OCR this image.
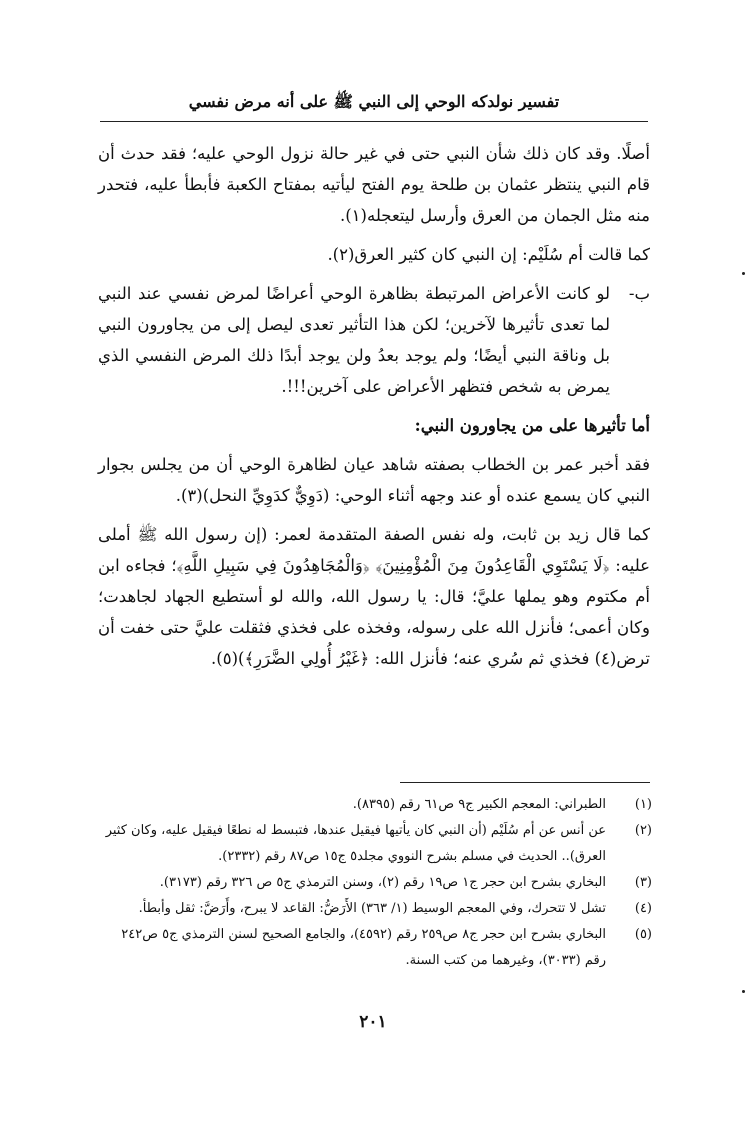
تفسير نولدكه الوحي إلى النبي ﷺ على أنه مرض نفسي

أصلًا. وقد كان ذلك شأن النبي حتى في غير حالة نزول الوحي عليه؛ فقد حدث أن قام النبي ينتظر عثمان بن طلحة يوم الفتح ليأتيه بمفتاح الكعبة فأبطأ عليه، فتحدر منه مثل الجمان من العرق وأرسل ليتعجله(١).

كما قالت أم سُلَيْم: إن النبي كان كثير العرق(٢).

ب-
لو كانت الأعراض المرتبطة بظاهرة الوحي أعراضًا لمرض نفسي عند النبي لما تعدى تأثيرها لآخرين؛ لكن هذا التأثير تعدى ليصل إلى من يجاورون النبي بل وناقة النبي أيضًا؛ ولم يوجد بعدُ ولن يوجد أبدًا ذلك المرض النفسي الذي يمرض به شخص فتظهر الأعراض على آخرين!!!.

أما تأثيرها على من يجاورون النبي:

فقد أخبر عمر بن الخطاب بصفته شاهد عيان لظاهرة الوحي أن من يجلس بجوار النبي كان يسمع عنده أو عند وجهه أثناء الوحي: (دَوِيٌّ كدَوِيِّ النحل)(٣).

كما قال زيد بن ثابت، وله نفس الصفة المتقدمة لعمر: (إن رسول الله ﷺ أملى عليه: ﴿لَا يَسْتَوِي الْقَاعِدُونَ مِنَ الْمُؤْمِنِينَ﴾ ﴿وَالْمُجَاهِدُونَ فِي سَبِيلِ اللَّهِ﴾؛ فجاءه ابن أم مكتوم وهو يملها عليَّ؛ قال: يا رسول الله، والله لو أستطيع الجهاد لجاهدت؛ وكان أعمى؛ فأنزل الله على رسوله، وفخذه على فخذي فثقلت عليَّ حتى خفت أن ترض(٤) فخذي ثم سُري عنه؛ فأنزل الله: ﴿غَيْرُ أُولِي الضَّرَرِ﴾)(٥).

(١)
الطبراني: المعجم الكبير ج٩ ص٦١ رقم (٨٣٩٥).
(٢)
عن أنس عن أم سُلَيْم (أن النبي كان يأتيها فيقيل عندها، فتبسط له نطعًا فيقيل عليه، وكان كثير العرق).. الحديث في مسلم بشرح النووي مجلد٥ ج١٥ ص٨٧ رقم (٢٣٣٢).
(٣)
البخاري بشرح ابن حجر ج١ ص١٩ رقم (٢)، وسنن الترمذي ج٥ ص ٣٢٦ رقم (٣١٧٣).
(٤)
تشل لا تتحرك، وفي المعجم الوسيط (١/ ٣٦٣) الأَرَضُّ: القاعد لا يبرح، وأَرَضَّ: ثقل وأبطأ.
(٥)
البخاري بشرح ابن حجر ج٨ ص٢٥٩ رقم (٤٥٩٢)، والجامع الصحيح لسنن الترمذي ج٥ ص٢٤٢ رقم (٣٠٣٣)، وغيرهما من كتب السنة.
٢٠١
